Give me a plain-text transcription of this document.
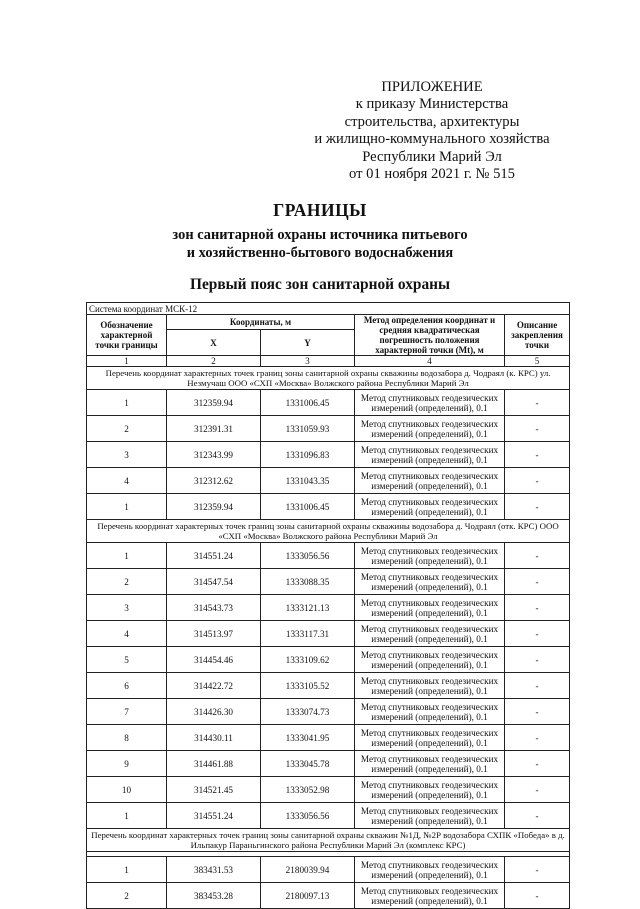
ПРИЛОЖЕНИЕ
к приказу Министерства
строительства, архитектуры
и жилищно-коммунального хозяйства
Республики Марий Эл
от 01 ноября 2021 г. № 515
ГРАНИЦЫ
зон санитарной охраны источника питьевого
и хозяйственно-бытового водоснабжения
Первый пояс зон санитарной охраны
Система координат МСК-12				
Обозначение характерной точки границы	Координаты, м		Метод определения координат и средняя квадратическая погрешность положения характерной точки (Mt), м	Описание закрепления точки
	X	Y		
1	2	3	4	5
Перечень координат характерных точек границ зоны санитарной охраны скважины водозабора д. Чодраял (к. КРС) ул. Незмучаш ООО «СХП «Москва» Волжского района Республики Марий Эл				
1	312359.94	1331006.45	Метод спутниковых геодезических измерений (определений), 0.1	-
2	312391.31	1331059.93	Метод спутниковых геодезических измерений (определений), 0.1	-
3	312343.99	1331096.83	Метод спутниковых геодезических измерений (определений), 0.1	-
4	312312.62	1331043.35	Метод спутниковых геодезических измерений (определений), 0.1	-
1	312359.94	1331006.45	Метод спутниковых геодезических измерений (определений), 0.1	-
Перечень координат характерных точек границ зоны санитарной охраны скважины водозабора д. Чодраял (отк. КРС) ООО «СХП «Москва» Волжского района Республики Марий Эл				
1	314551.24	1333056.56	Метод спутниковых геодезических измерений (определений), 0.1	-
2	314547.54	1333088.35	Метод спутниковых геодезических измерений (определений), 0.1	-
3	314543.73	1333121.13	Метод спутниковых геодезических измерений (определений), 0.1	-
4	314513.97	1333117.31	Метод спутниковых геодезических измерений (определений), 0.1	-
5	314454.46	1333109.62	Метод спутниковых геодезических измерений (определений), 0.1	-
6	314422.72	1333105.52	Метод спутниковых геодезических измерений (определений), 0.1	-
7	314426.30	1333074.73	Метод спутниковых геодезических измерений (определений), 0.1	-
8	314430.11	1333041.95	Метод спутниковых геодезических измерений (определений), 0.1	-
9	314461.88	1333045.78	Метод спутниковых геодезических измерений (определений), 0.1	-
10	314521.45	1333052.98	Метод спутниковых геодезических измерений (определений), 0.1	-
1	314551.24	1333056.56	Метод спутниковых геодезических измерений (определений), 0.1	-
Перечень координат характерных точек границ зоны санитарной охраны скважин №1Д, №2Р водозабора СХПК «Победа» в д. Ильпакур Параньгинского района Республики Марий Эл (комплекс КРС)				

1	383431.53	2180039.94	Метод спутниковых геодезических измерений (определений), 0.1	-
2	383453.28	2180097.13	Метод спутниковых геодезических измерений (определений), 0.1	-
